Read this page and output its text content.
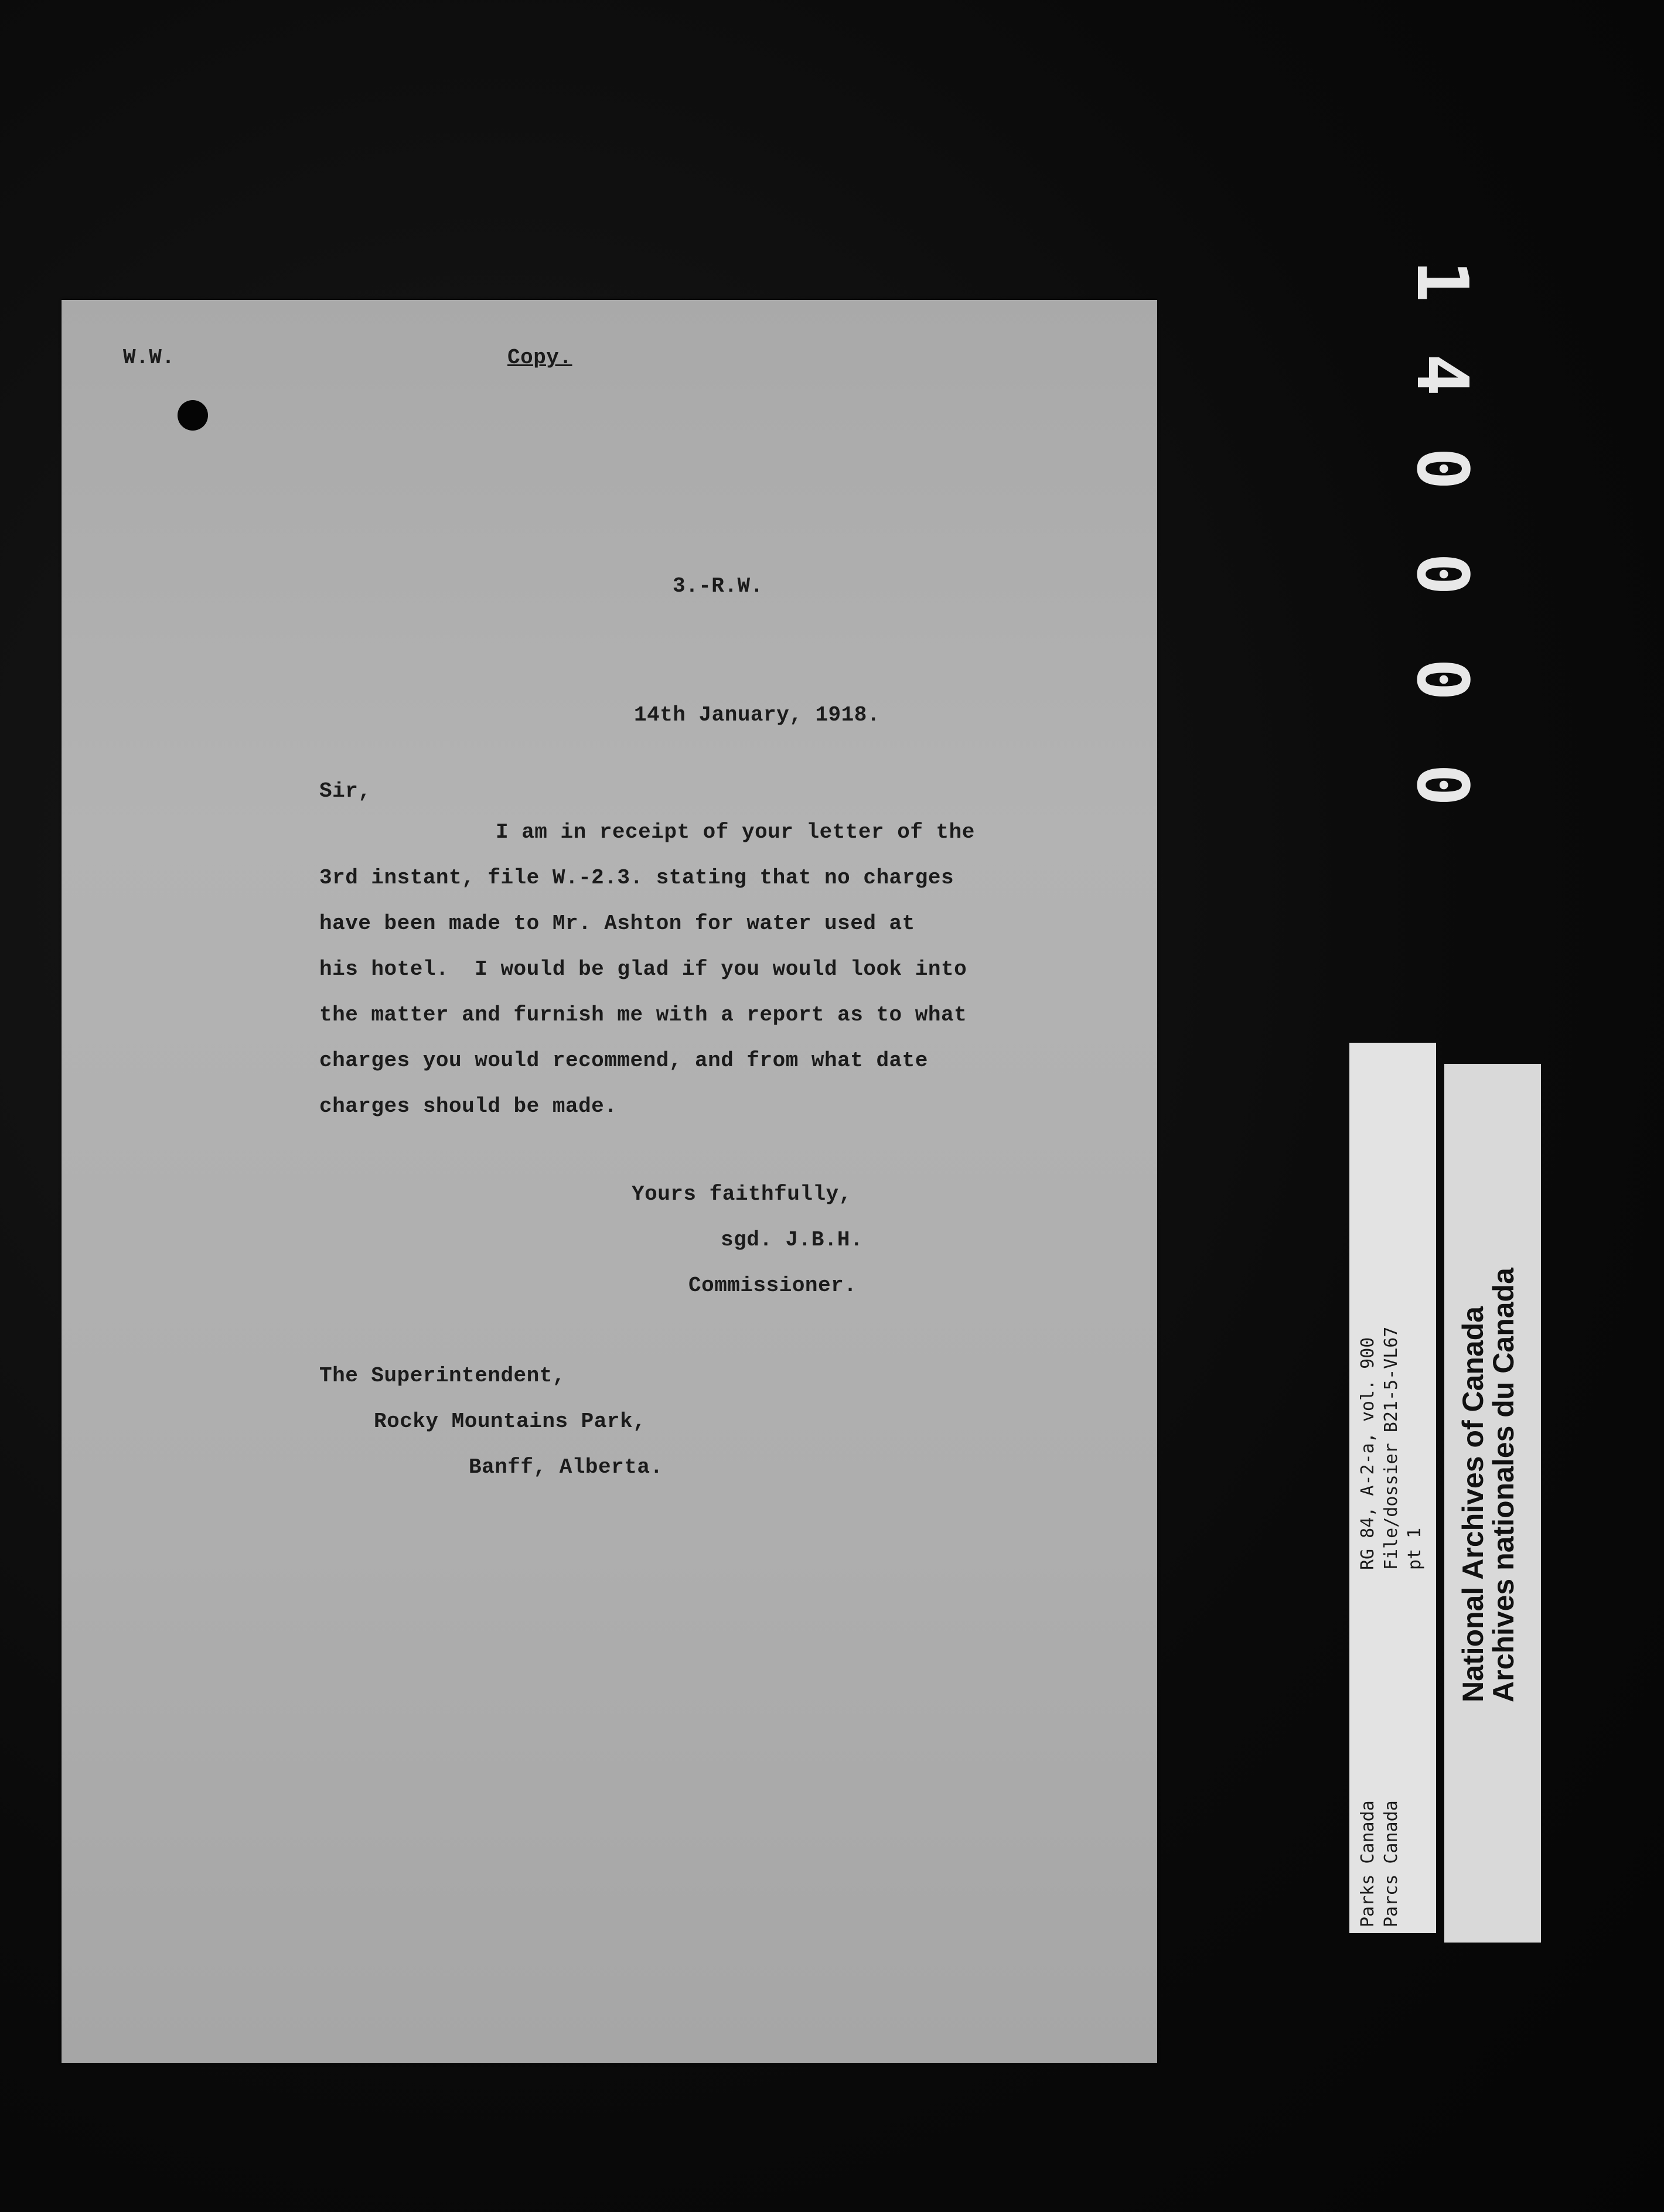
W.W.	Copy.
3.-R.W.
14th January, 1918.
Sir,
I am in receipt of your letter of the
3rd instant, file W.-2.3. stating that no charges
have been made to Mr. Ashton for water used at
his hotel.  I would be glad if you would look into
the matter and furnish me with a report as to what
charges you would recommend, and from what date
charges should be made.
Yours faithfully,
sgd. J.B.H.
Commissioner.
The Superintendent,
Rocky Mountains Park,
Banff, Alberta.
1
4
0
0
0
0
RG 84, A-2-a, vol. 900 File/dossier B21-5-VL67 pt 1
Parks Canada Parcs Canada
National Archives of Canada
Archives nationales du Canada
